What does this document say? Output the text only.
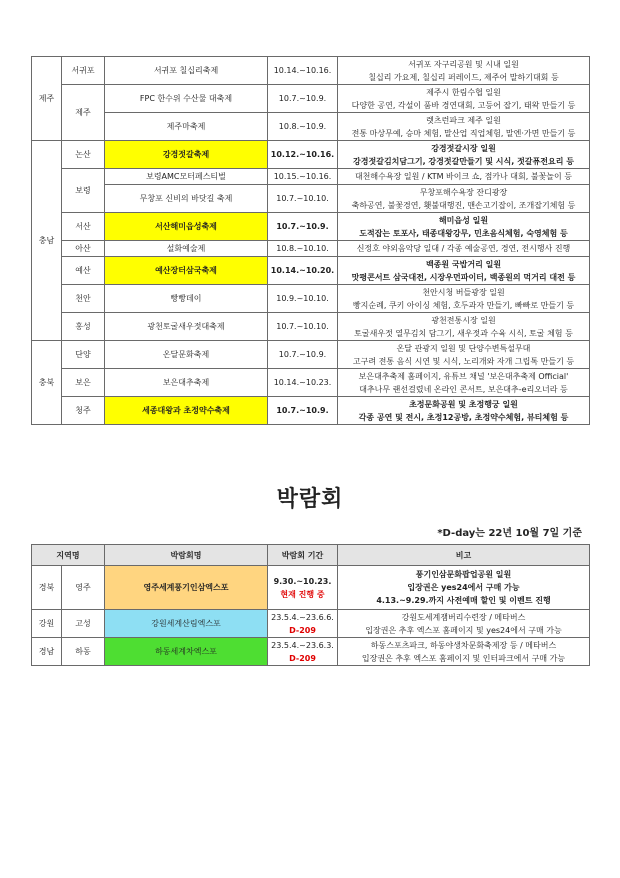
제주	서귀포	서귀포 칠십리축제	10.14.~10.16.	서귀포 자구리공원 및 시내 일원
칠십리 가요제, 칠십리 퍼레이드, 제주어 말하기대회 등

	제주	FPC 한수위 수산물 대축제	10.7.~10.9.	제주시 한림수협 일원
다양한 공연, 각설이 품바 경연대회, 고등어 잡기, 태왁 만들기 등

		제주마축제	10.8.~10.9.	렛츠런파크 제주 일원
전통 마상무예, 승마 체험, 말산업 직업체험, 말엔·가면 만들기 등

충남	논산	강경젓갈축제	10.12.~10.16.	강경젓갈시장 일원
강경젓갈김치담그기, 강경젓갈만들기 및 시식, 젓갈퓨전요리 등

	보령	보령AMC모터페스티벌	10.15.~10.16.	대천해수욕장 일원 / KTM 바이크 쇼, 점카나 대회, 불꽃놀이 등

		무창포 신비의 바닷길 축제	10.7.~10.10.	무창포해수욕장 잔디광장
축하공연, 불꽃경연, 횃불대행진, 맨손고기잡이, 조개잡기체험 등

	서산	서산해미읍성축제	10.7.~10.9.	해미읍성 일원
도적잡는 토포사, 태종대왕강무, 민초음식체험, 숙영체험 등

	아산	설화예술제	10.8.~10.10.	신정호 야외음악당 일대 / 각종 예술공연, 경연, 전시행사 진행

	예산	예산장터삼국축제	10.14.~10.20.	백종원 국밥거리 일원
맛평콘서트 삼국대전, 시장우먼파이터, 백종원의 먹거리 대전 등

	천안	빵빵데이	10.9.~10.10.	천안시청 버들광장 일원
빵지순례, 쿠키 아이싱 체험, 호두과자 만들기, 빠빠로 만들기 등

	홍성	광천토굴새우젓대축제	10.7.~10.10.	광천전통시장 일원
토굴새우젓 열무김치 담그기, 새우젓과 수육 시식, 토굴 체험 등

충북	단양	온달문화축제	10.7.~10.9.	온달 관광지 일원 및 단양수변특설무대
고구려 전통 음식 시연 및 시식, 노리개와 자개 그립톡 만들기 등

	보은	보은대추축제	10.14.~10.23.	보은대추축제 홈페이지, 유튜브 채널 '보은대추축제 Official'
대추나무 랜선걸렸네 온라인 콘서트, 보은대추-e리오너라 등

	청주	세종대왕과 초정약수축제	10.7.~10.9.	초정문화공원 및 초정행궁 일원
각종 공연 및 전시, 초정12공방, 초정약수체험, 뷰티체험 등
박람회
*D-day는 22년 10월 7일 기준
지역명		박람회명	박람회 기간	비고
경북	영주	영주세계풍기인삼엑스포	9.30.~10.23.
현재 진행 중	풍기인삼문화팝업공원 일원
입장권은 yes24에서 구매 가능
4.13.~9.29.까지 사전예매 할인 및 이벤트 진행

강원	고성	강원세계산림엑스포	23.5.4.~23.6.6.
D-209	강원도세계잼버리수련장 / 메타버스
입장권은 추후 엑스포 홈페이지 및 yes24에서 구매 가능

경남	하동	하동세계차엑스포	23.5.4.~23.6.3.
D-209	하동스포츠파크, 하동야생차문화축제장 등 / 메타버스
입장권은 추후 엑스포 홈페이지 및 인터파크에서 구매 가능
